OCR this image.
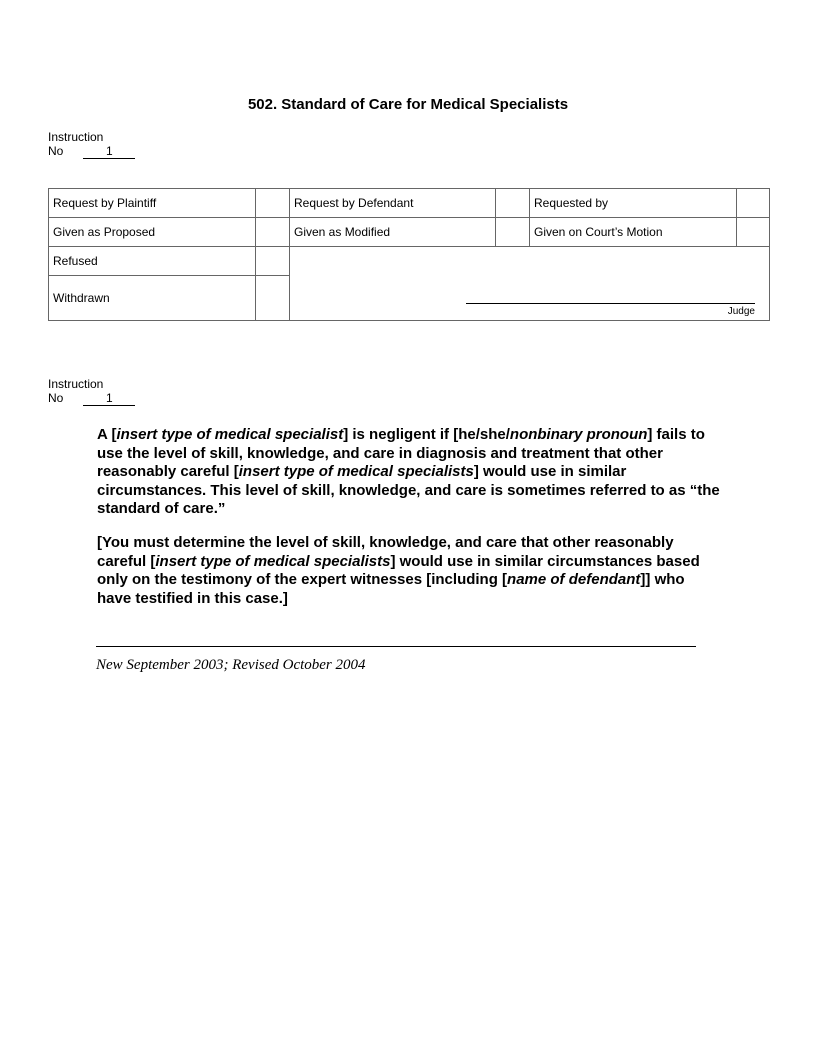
502. Standard of Care for Medical Specialists
Instruction
No	1
Request by Plaintiff		Request by Defendant		Requested by	
Given as Proposed		Given as Modified		Given on Court’s Motion	
Refused		Judge			

Withdrawn					
Instruction
No	1

A [insert type of medical specialist] is negligent if [he/she/nonbinary pronoun] fails to use the level of skill, knowledge, and care in diagnosis and treatment that other reasonably careful [insert type of medical specialists] would use in similar circumstances. This level of skill, knowledge, and care is sometimes referred to as “the standard of care.”

[You must determine the level of skill, knowledge, and care that other reasonably careful [insert type of medical specialists] would use in similar circumstances based only on the testimony of the expert witnesses [including [name of defendant]] who have testified in this case.]

New September 2003; Revised October 2004
